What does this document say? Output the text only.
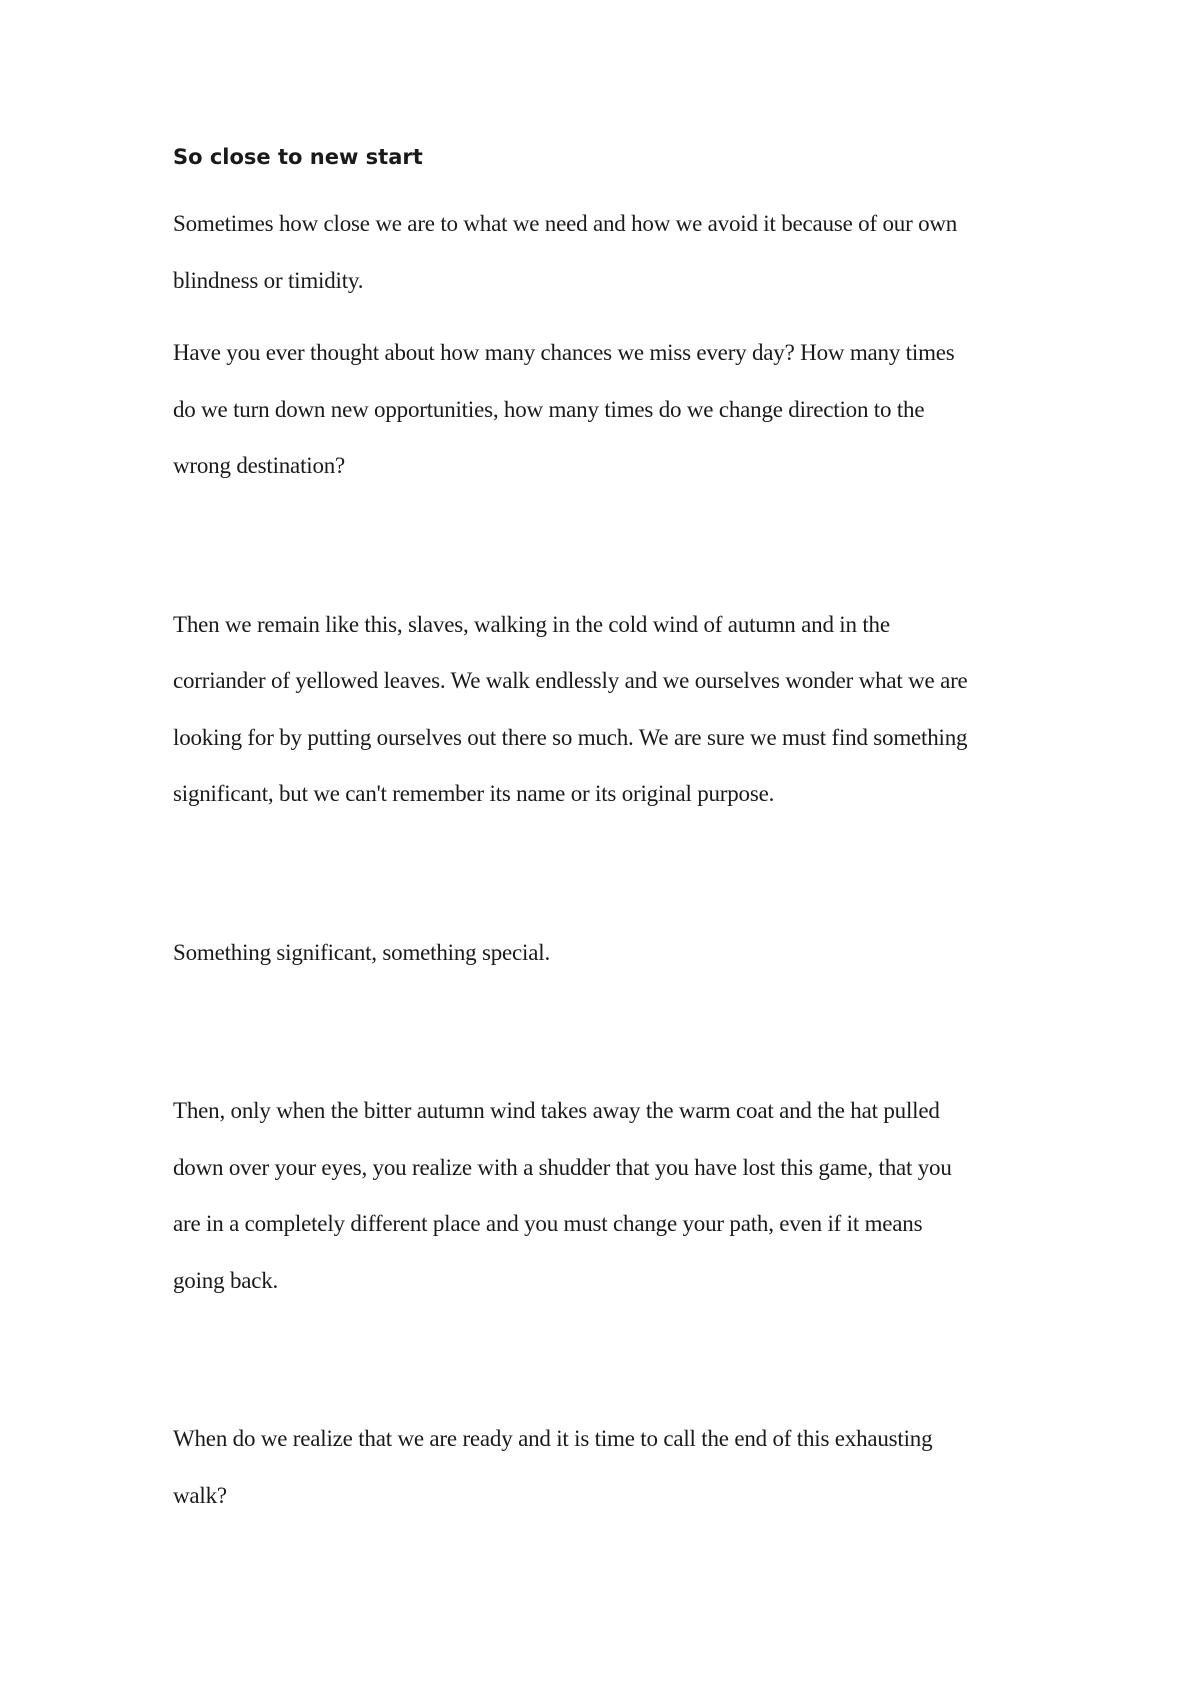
So close to new start

Sometimes how close we are to what we need and how we avoid it because of our own
blindness or timidity.

Have you ever thought about how many chances we miss every day? How many times
do we turn down new opportunities, how many times do we change direction to the
wrong destination?

Then we remain like this, slaves, walking in the cold wind of autumn and in the
corriander of yellowed leaves. We walk endlessly and we ourselves wonder what we are
looking for by putting ourselves out there so much. We are sure we must find something
significant, but we can't remember its name or its original purpose.

Something significant, something special.

Then, only when the bitter autumn wind takes away the warm coat and the hat pulled
down over your eyes, you realize with a shudder that you have lost this game, that you
are in a completely different place and you must change your path, even if it means
going back.

When do we realize that we are ready and it is time to call the end of this exhausting
walk?
